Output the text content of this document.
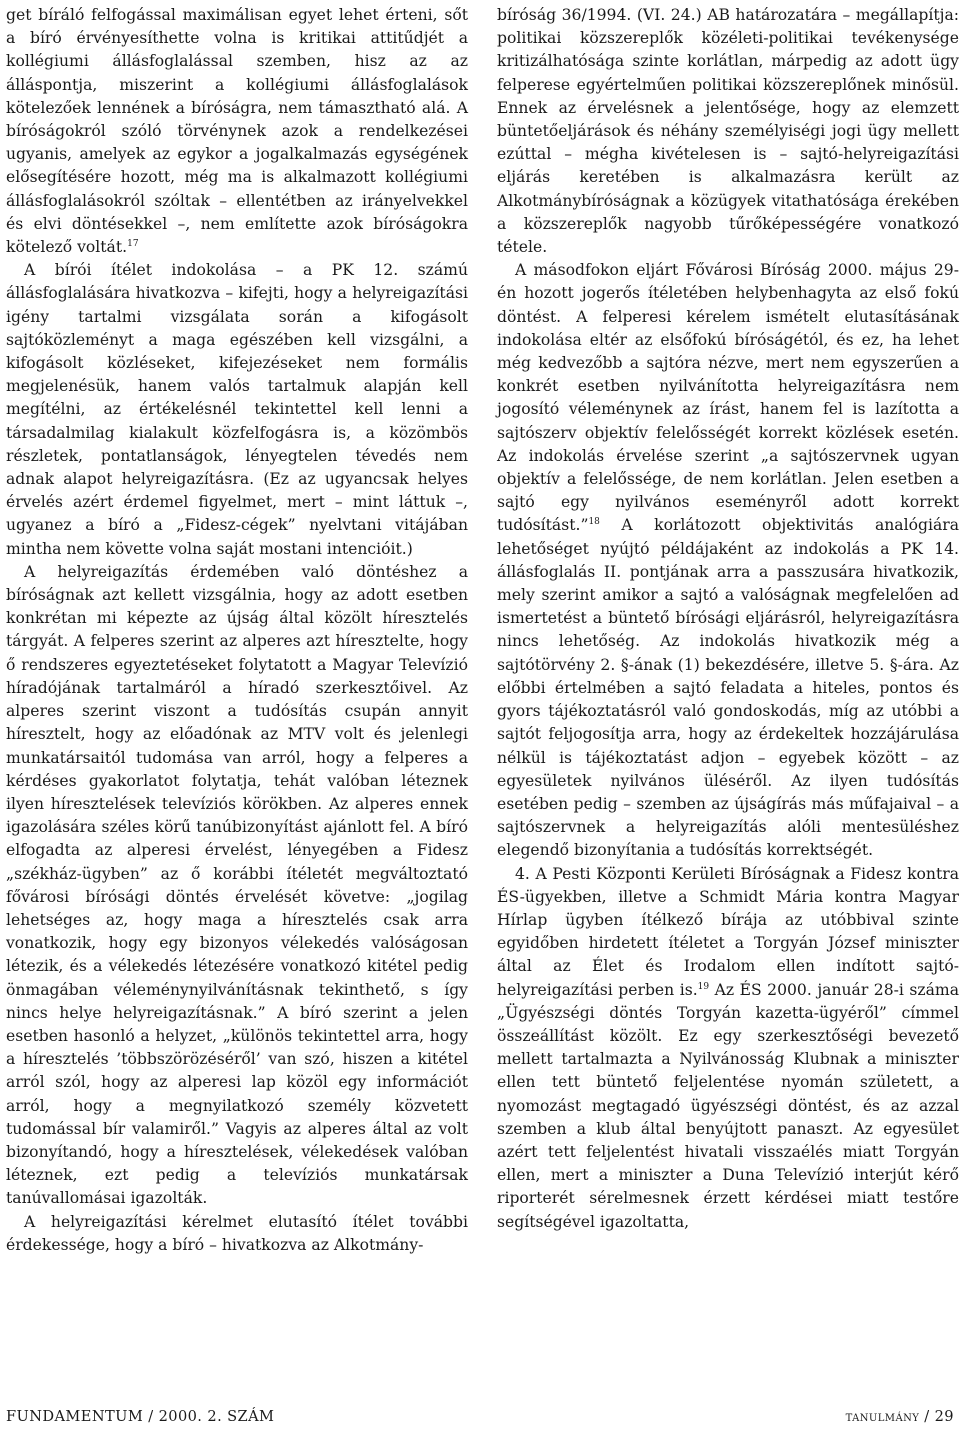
get bíráló felfogással maximálisan egyet lehet érteni, sőt a bíró érvényesíthette volna is kritikai attitűdjét a kollégiumi állásfoglalással szemben, hisz az az álláspontja, miszerint a kollégiumi állásfoglalások kötelezőek lennének a bíróságra, nem támasztható alá. A bíróságokról szóló törvénynek azok a rendelkezései ugyanis, amelyek az egykor a jogalkalmazás egységének elősegítésére hozott, még ma is alkalmazott kollégiumi állásfoglalásokról szóltak – ellentétben az irányelvekkel és elvi döntésekkel –, nem említette azok bíróságokra kötelező voltát.$^{17}$

A bírói ítélet indokolása – a PK 12. számú állásfoglalására hivatkozva – kifejti, hogy a helyreigazítási igény tartalmi vizsgálata során a kifogásolt sajtóközleményt a maga egészében kell vizsgálni, a kifogásolt közléseket, kifejezéseket nem formális megjelenésük, hanem valós tartalmuk alapján kell megítélni, az értékelésnél tekintettel kell lenni a társadalmilag kialakult közfelfogásra is, a közömbös részletek, pontatlanságok, lényegtelen tévedés nem adnak alapot helyreigazításra. (Ez az ugyancsak helyes érvelés azért érdemel figyelmet, mert – mint láttuk –, ugyanez a bíró a „Fidesz-cégek” nyelvtani vitájában mintha nem követte volna saját mostani intencióit.)

A helyreigazítás érdemében való döntéshez a bíróságnak azt kellett vizsgálnia, hogy az adott esetben konkrétan mi képezte az újság által közölt híresztelés tárgyát. A felperes szerint az alperes azt híresztelte, hogy ő rendszeres egyeztetéseket folytatott a Magyar Televízió híradójának tartalmáról a híradó szerkesztőivel. Az alperes szerint viszont a tudósítás csupán annyit híresztelt, hogy az előadónak az MTV volt és jelenlegi munkatársaitól tudomása van arról, hogy a felperes a kérdéses gyakorlatot folytatja, tehát valóban léteznek ilyen híresztelések televíziós körökben. Az alperes ennek igazolására széles körű tanúbizonyítást ajánlott fel. A bíró elfogadta az alperesi érvelést, lényegében a Fidesz „székház-ügyben” az ő korábbi ítéletét megváltoztató fővárosi bírósági döntés érvelését követve: „jogilag lehetséges az, hogy maga a híresztelés csak arra vonatkozik, hogy egy bizonyos vélekedés valóságosan létezik, és a vélekedés létezésére vonatkozó kitétel pedig önmagában véleménynyilvánításnak tekinthető, s így nincs helye helyreigazításnak.” A bíró szerint a jelen esetben hasonló a helyzet, „különös tekintettel arra, hogy a híresztelés ’többszörözéséről’ van szó, hiszen a kitétel arról szól, hogy az alperesi lap közöl egy információt arról, hogy a megnyilatkozó személy közvetett tudomással bír valamiről.” Vagyis az alperes által az volt bizonyítandó, hogy a híresztelések, vélekedések valóban léteznek, ezt pedig a televíziós munkatársak tanúvallomásai igazolták.

A helyreigazítási kérelmet elutasító ítélet további érdekessége, hogy a bíró – hivatkozva az Alkotmány-

bíróság 36/1994. (VI. 24.) AB határozatára – megállapítja: politikai közszereplők közéleti-politikai tevékenysége kritizálhatósága szinte korlátlan, márpedig az adott ügy felperese egyértelműen politikai közszereplőnek minősül. Ennek az érvelésnek a jelentősége, hogy az elemzett büntetőeljárások és néhány személyiségi jogi ügy mellett ezúttal – mégha kivételesen is – sajtó-helyreigazítási eljárás keretében is alkalmazásra került az Alkotmánybíróságnak a közügyek vitathatósága érekében a közszereplők nagyobb tűrőképességére vonatkozó tétele.

A másodfokon eljárt Fővárosi Bíróság 2000. május 29-én hozott jogerős ítéletében helybenhagyta az első fokú döntést. A felperesi kérelem ismételt elutasításának indokolása eltér az elsőfokú bíróságétól, és ez, ha lehet még kedvezőbb a sajtóra nézve, mert nem egyszerűen a konkrét esetben nyilvánította helyreigazításra nem jogosító véleménynek az írást, hanem fel is lazította a sajtószerv objektív felelősségét korrekt közlések esetén. Az indokolás érvelése szerint „a sajtószervnek ugyan objektív a felelőssége, de nem korlátlan. Jelen esetben a sajtó egy nyilvános eseményről adott korrekt tudósítást.”$^{18}$ A korlátozott objektivitás analógiára lehetőséget nyújtó példájaként az indokolás a PK 14. állásfoglalás II. pontjának arra a passzusára hivatkozik, mely szerint amikor a sajtó a valóságnak megfelelően ad ismertetést a büntető bírósági eljárásról, helyreigazításra nincs lehetőség. Az indokolás hivatkozik még a sajtótörvény 2. §-ának (1) bekezdésére, illetve 5. §-ára. Az előbbi értelmében a sajtó feladata a hiteles, pontos és gyors tájékoztatásról való gondoskodás, míg az utóbbi a sajtót feljogosítja arra, hogy az érdekeltek hozzájárulása nélkül is tájékoztatást adjon – egyebek között – az egyesületek nyilvános üléséről. Az ilyen tudósítás esetében pedig – szemben az újságírás más műfajaival – a sajtószervnek a helyreigazítás alóli mentesüléshez elegendő bizonyítania a tudósítás korrektségét.

4. A Pesti Központi Kerületi Bíróságnak a Fidesz kontra ÉS-ügyekben, illetve a Schmidt Mária kontra Magyar Hírlap ügyben ítélkező bírája az utóbbival szinte egyidőben hirdetett ítéletet a Torgyán József miniszter által az Élet és Irodalom ellen indított sajtó-helyreigazítási perben is.$^{19}$ Az ÉS 2000. január 28-i száma „Ügyészségi döntés Torgyán kazetta-ügyéről” címmel összeállítást közölt. Ez egy szerkesztőségi bevezető mellett tartalmazta a Nyilvánosság Klubnak a miniszter ellen tett büntető feljelentése nyomán született, a nyomozást megtagadó ügyészségi döntést, és az azzal szemben a klub által benyújtott panaszt. Az egyesület azért tett feljelentést hivatali visszaélés miatt Torgyán ellen, mert a miniszter a Duna Televízió interjút kérő riporterét sérelmesnek érzett kérdései miatt testőre segítségével igazoltatta,

FUNDAMENTUM / 2000. 2. SZÁM	tanulmány / 29
